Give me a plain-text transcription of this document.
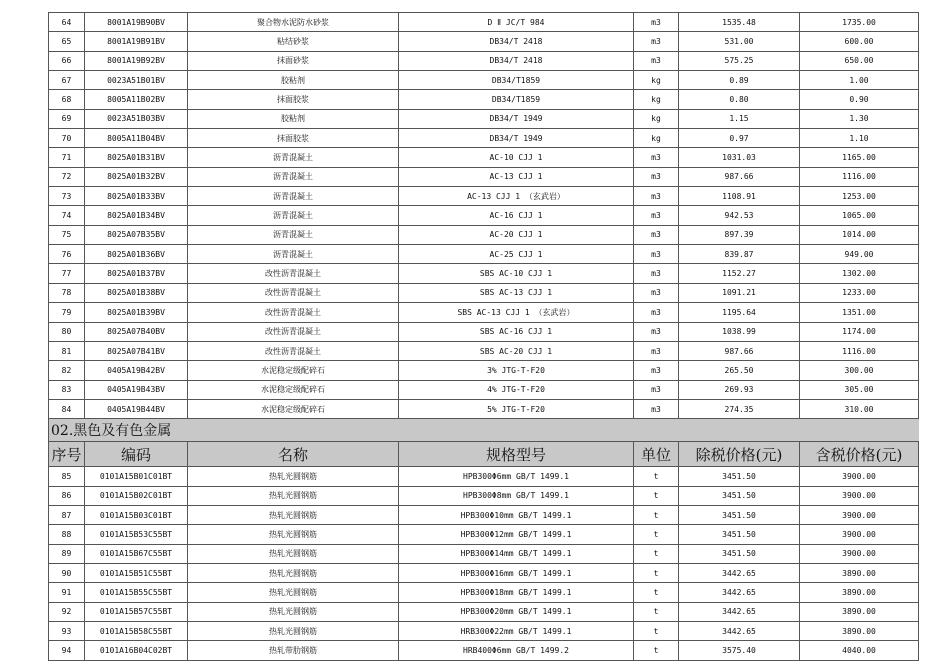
64	8001A19B90BV	聚合物水泥防水砂浆	D Ⅱ JC/T 984	m3	1535.48	1735.00
65	8001A19B91BV	粘结砂浆	DB34/T 2418	m3	531.00	600.00
66	8001A19B92BV	抹面砂浆	DB34/T 2418	m3	575.25	650.00
67	0023A51B01BV	胶粘剂	DB34/T1859	kg	0.89	1.00
68	8005A11B02BV	抹面胶浆	DB34/T1859	kg	0.80	0.90
69	0023A51B03BV	胶粘剂	DB34/T 1949	kg	1.15	1.30
70	8005A11B04BV	抹面胶浆	DB34/T 1949	kg	0.97	1.10
71	8025A01B31BV	沥青混凝土	AC-10 CJJ 1	m3	1031.03	1165.00
72	8025A01B32BV	沥青混凝土	AC-13 CJJ 1	m3	987.66	1116.00
73	8025A01B33BV	沥青混凝土	AC-13 CJJ 1 （玄武岩）	m3	1108.91	1253.00
74	8025A01B34BV	沥青混凝土	AC-16 CJJ 1	m3	942.53	1065.00
75	8025A07B35BV	沥青混凝土	AC-20 CJJ 1	m3	897.39	1014.00
76	8025A01B36BV	沥青混凝土	AC-25 CJJ 1	m3	839.87	949.00
77	8025A01B37BV	改性沥青混凝土	SBS AC-10 CJJ 1	m3	1152.27	1302.00
78	8025A01B38BV	改性沥青混凝土	SBS AC-13 CJJ 1	m3	1091.21	1233.00
79	8025A01B39BV	改性沥青混凝土	SBS AC-13 CJJ 1 （玄武岩）	m3	1195.64	1351.00
80	8025A07B40BV	改性沥青混凝土	SBS AC-16 CJJ 1	m3	1038.99	1174.00
81	8025A07B41BV	改性沥青混凝土	SBS AC-20 CJJ 1	m3	987.66	1116.00
82	0405A19B42BV	水泥稳定级配碎石	3% JTG-T-F20	m3	265.50	300.00
83	0405A19B43BV	水泥稳定级配碎石	4% JTG-T-F20	m3	269.93	305.00
84	0405A19B44BV	水泥稳定级配碎石	5% JTG-T-F20	m3	274.35	310.00
02.黑色及有色金属						
序号	编码	名称	规格型号	单位	除税价格(元)	含税价格(元)
85	0101A15B01C01BT	热轧光圆钢筋	HPB300Φ6mm GB/T 1499.1	t	3451.50	3900.00
86	0101A15B02C01BT	热轧光圆钢筋	HPB300Φ8mm GB/T 1499.1	t	3451.50	3900.00
87	0101A15B03C01BT	热轧光圆钢筋	HPB300Φ10mm GB/T 1499.1	t	3451.50	3900.00
88	0101A15B53C55BT	热轧光圆钢筋	HPB300Φ12mm GB/T 1499.1	t	3451.50	3900.00
89	0101A15B67C55BT	热轧光圆钢筋	HPB300Φ14mm GB/T 1499.1	t	3451.50	3900.00
90	0101A15B51C55BT	热轧光圆钢筋	HPB300Φ16mm GB/T 1499.1	t	3442.65	3890.00
91	0101A15B55C55BT	热轧光圆钢筋	HPB300Φ18mm GB/T 1499.1	t	3442.65	3890.00
92	0101A15B57C55BT	热轧光圆钢筋	HPB300Φ20mm GB/T 1499.1	t	3442.65	3890.00
93	0101A15B58C55BT	热轧光圆钢筋	HRB300Φ22mm GB/T 1499.1	t	3442.65	3890.00
94	0101A16B04C02BT	热轧带肋钢筋	HRB400Φ6mm GB/T 1499.2	t	3575.40	4040.00
